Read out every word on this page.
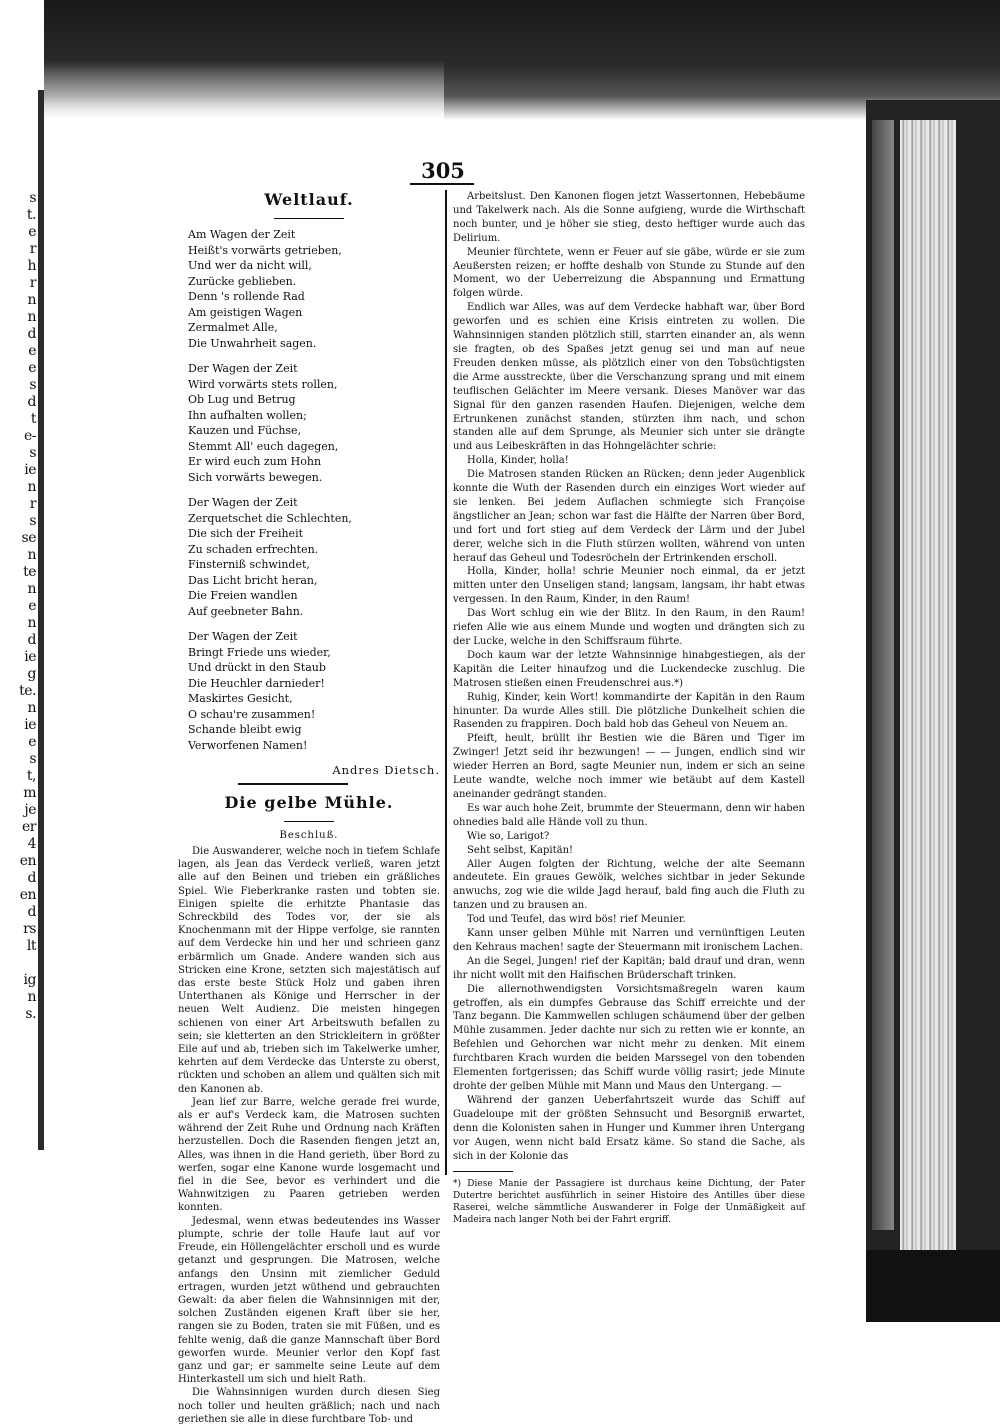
s
t.
e
r
h
r
n
n
d
e
e
s
d
t
e-
s
ie
n
r
s
se
n
te
n
e
n
d
ie
g
te.
n
ie
e
s
t,
m
je
er
4
en
d
en
d
rs
lt
ig
n
s.
305
Weltlauf.
Am Wagen der Zeit
Heißt's vorwärts getrieben,
Und wer da nicht will,
Zurücke geblieben.
Denn 's rollende Rad
Am geistigen Wagen
Zermalmet Alle,
Die Unwahrheit sagen.
Der Wagen der Zeit
Wird vorwärts stets rollen,
Ob Lug und Betrug
Ihn aufhalten wollen;
Kauzen und Füchse,
Stemmt All' euch dagegen,
Er wird euch zum Hohn
Sich vorwärts bewegen.
Der Wagen der Zeit
Zerquetschet die Schlechten,
Die sich der Freiheit
Zu schaden erfrechten.
Finsterniß schwindet,
Das Licht bricht heran,
Die Freien wandlen
Auf geebneter Bahn.
Der Wagen der Zeit
Bringt Friede uns wieder,
Und drückt in den Staub
Die Heuchler darnieder!
Maskirtes Gesicht,
O schau're zusammen!
Schande bleibt ewig
Verworfenen Namen!
Andres Dietsch.
Die gelbe Mühle.
Beschluß.

Die Auswanderer, welche noch in tiefem Schlafe lagen, als Jean das Verdeck verließ, waren jetzt alle auf den Beinen und trieben ein gräßliches Spiel. Wie Fieberkranke rasten und tobten sie. Einigen spielte die erhitzte Phantasie das Schreckbild des Todes vor, der sie als Knochenmann mit der Hippe verfolge, sie rannten auf dem Verdecke hin und her und schrieen ganz erbärmlich um Gnade. Andere wanden sich aus Stricken eine Krone, setzten sich majestätisch auf das erste beste Stück Holz und gaben ihren Unterthanen als Könige und Herrscher in der neuen Welt Audienz. Die meisten hingegen schienen von einer Art Arbeitswuth befallen zu sein; sie kletterten an den Strickleitern in größter Eile auf und ab, trieben sich im Takelwerke umher, kehrten auf dem Verdecke das Unterste zu oberst, rückten und schoben an allem und quälten sich mit den Kanonen ab.

Jean lief zur Barre, welche gerade frei wurde, als er auf's Verdeck kam, die Matrosen suchten während der Zeit Ruhe und Ordnung nach Kräften herzustellen. Doch die Rasenden fiengen jetzt an, Alles, was ihnen in die Hand gerieth, über Bord zu werfen, sogar eine Kanone wurde losgemacht und fiel in die See, bevor es verhindert und die Wahnwitzigen zu Paaren getrieben werden konnten.

Jedesmal, wenn etwas bedeutendes ins Wasser plumpte, schrie der tolle Haufe laut auf vor Freude, ein Höllengelächter erscholl und es wurde getanzt und gesprungen. Die Matrosen, welche anfangs den Unsinn mit ziemlicher Geduld ertragen, wurden jetzt wüthend und gebrauchten Gewalt: da aber fielen die Wahnsinnigen mit der, solchen Zuständen eigenen Kraft über sie her, rangen sie zu Boden, traten sie mit Füßen, und es fehlte wenig, daß die ganze Mannschaft über Bord geworfen wurde. Meunier verlor den Kopf fast ganz und gar; er sammelte seine Leute auf dem Hinterkastell um sich und hielt Rath.

Die Wahnsinnigen wurden durch diesen Sieg noch toller und heulten gräßlich; nach und nach geriethen sie alle in diese furchtbare Tob- und

Arbeitslust. Den Kanonen flogen jetzt Wassertonnen, Hebebäume und Takelwerk nach. Als die Sonne aufgieng, wurde die Wirthschaft noch bunter, und je höher sie stieg, desto heftiger wurde auch das Delirium.

Meunier fürchtete, wenn er Feuer auf sie gäbe, würde er sie zum Aeußersten reizen; er hoffte deshalb von Stunde zu Stunde auf den Moment, wo der Ueberreizung die Abspannung und Ermattung folgen würde.

Endlich war Alles, was auf dem Verdecke habhaft war, über Bord geworfen und es schien eine Krisis eintreten zu wollen. Die Wahnsinnigen standen plötzlich still, starrten einander an, als wenn sie fragten, ob des Spaßes jetzt genug sei und man auf neue Freuden denken müsse, als plötzlich einer von den Tobsüchtigsten die Arme ausstreckte, über die Verschanzung sprang und mit einem teuflischen Gelächter im Meere versank. Dieses Manöver war das Signal für den ganzen rasenden Haufen. Diejenigen, welche dem Ertrunkenen zunächst standen, stürzten ihm nach, und schon standen alle auf dem Sprunge, als Meunier sich unter sie drängte und aus Leibeskräften in das Hohngelächter schrie:

Holla, Kinder, holla!

Die Matrosen standen Rücken an Rücken; denn jeder Augenblick konnte die Wuth der Rasenden durch ein einziges Wort wieder auf sie lenken. Bei jedem Auflachen schmiegte sich Françoise ängstlicher an Jean; schon war fast die Hälfte der Narren über Bord, und fort und fort stieg auf dem Verdeck der Lärm und der Jubel derer, welche sich in die Fluth stürzen wollten, während von unten herauf das Geheul und Todesröcheln der Ertrinkenden erscholl.

Holla, Kinder, holla! schrie Meunier noch einmal, da er jetzt mitten unter den Unseligen stand; langsam, langsam, ihr habt etwas vergessen. In den Raum, Kinder, in den Raum!

Das Wort schlug ein wie der Blitz. In den Raum, in den Raum! riefen Alle wie aus einem Munde und wogten und drängten sich zu der Lucke, welche in den Schiffsraum führte.

Doch kaum war der letzte Wahnsinnige hinabgestiegen, als der Kapitän die Leiter hinaufzog und die Luckendecke zuschlug. Die Matrosen stießen einen Freudenschrei aus.*)

Ruhig, Kinder, kein Wort! kommandirte der Kapitän in den Raum hinunter. Da wurde Alles still. Die plötzliche Dunkelheit schien die Rasenden zu frappiren. Doch bald hob das Geheul von Neuem an.

Pfeift, heult, brüllt ihr Bestien wie die Bären und Tiger im Zwinger! Jetzt seid ihr bezwungen! — — Jungen, endlich sind wir wieder Herren an Bord, sagte Meunier nun, indem er sich an seine Leute wandte, welche noch immer wie betäubt auf dem Kastell aneinander gedrängt standen.

Es war auch hohe Zeit, brummte der Steuermann, denn wir haben ohnedies bald alle Hände voll zu thun.

Wie so, Larigot?

Seht selbst, Kapitän!

Aller Augen folgten der Richtung, welche der alte Seemann andeutete. Ein graues Gewölk, welches sichtbar in jeder Sekunde anwuchs, zog wie die wilde Jagd herauf, bald fing auch die Fluth zu tanzen und zu brausen an.

Tod und Teufel, das wird bös! rief Meunier.

Kann unser gelben Mühle mit Narren und vernünftigen Leuten den Kehraus machen! sagte der Steuermann mit ironischem Lachen.

An die Segel, Jungen! rief der Kapitän; bald drauf und dran, wenn ihr nicht wollt mit den Haifischen Brüderschaft trinken.

Die allernothwendigsten Vorsichtsmaßregeln waren kaum getroffen, als ein dumpfes Gebrause das Schiff erreichte und der Tanz begann. Die Kammwellen schlugen schäumend über der gelben Mühle zusammen. Jeder dachte nur sich zu retten wie er konnte, an Befehlen und Gehorchen war nicht mehr zu denken. Mit einem furchtbaren Krach wurden die beiden Marssegel von den tobenden Elementen fortgerissen; das Schiff wurde völlig rasirt; jede Minute drohte der gelben Mühle mit Mann und Maus den Untergang. —

Während der ganzen Ueberfahrtszeit wurde das Schiff auf Guadeloupe mit der größten Sehnsucht und Besorgniß erwartet, denn die Kolonisten sahen in Hunger und Kummer ihren Untergang vor Augen, wenn nicht bald Ersatz käme. So stand die Sache, als sich in der Kolonie das

*) Diese Manie der Passagiere ist durchaus keine Dichtung, der Pater Dutertre berichtet ausführlich in seiner Histoire des Antilles über diese Raserei, welche sämmtliche Auswanderer in Folge der Unmäßigkeit auf Madeira nach langer Noth bei der Fahrt ergriff.
